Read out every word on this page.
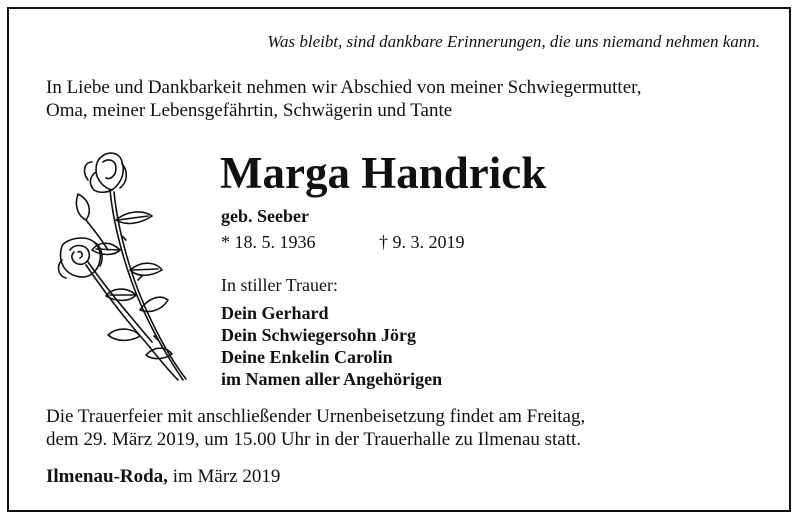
Was bleibt, sind dankbare Erinnerungen, die uns niemand nehmen kann.
In Liebe und Dankbarkeit nehmen wir Abschied von meiner Schwiegermutter,
Oma, meiner Lebensgefährtin, Schwägerin und Tante
Marga Handrick
geb. Seeber
* 18. 5. 1936	† 9. 3. 2019
In stiller Trauer:
Dein Gerhard
Dein Schwiegersohn Jörg
Deine Enkelin Carolin
im Namen aller Angehörigen
Die Trauerfeier mit anschließender Urnenbeisetzung findet am Freitag,
dem 29. März 2019, um 15.00 Uhr in der Trauerhalle zu Ilmenau statt.
Ilmenau-Roda, im März 2019
